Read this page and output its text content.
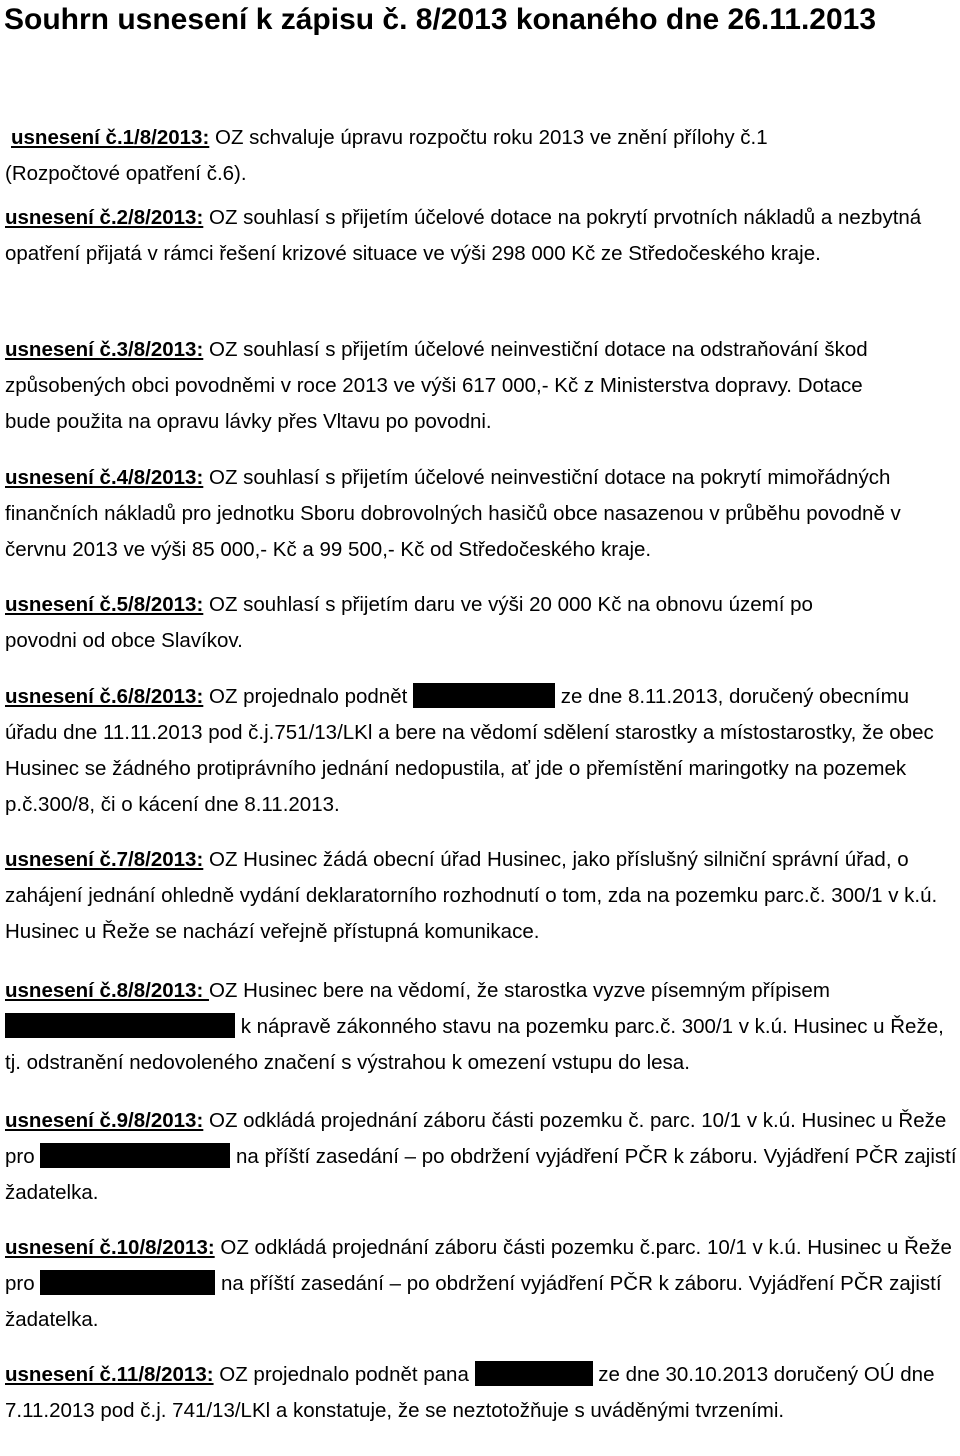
Souhrn usnesení k zápisu č. 8/2013 konaného dne 26.11.2013

usnesení č.1/8/2013: OZ schvaluje úpravu rozpočtu roku 2013 ve znění přílohy č.1 (Rozpočtové opatření č.6).

usnesení č.2/8/2013: OZ souhlasí s přijetím účelové dotace na pokrytí prvotních nákladů a nezbytná opatření přijatá v rámci řešení krizové situace ve výši 298 000 Kč ze Středočeského kraje.

usnesení č.3/8/2013: OZ souhlasí s přijetím účelové neinvestiční dotace na odstraňování škod způsobených obci povodněmi v roce 2013 ve výši 617 000,- Kč z Ministerstva dopravy. Dotace bude použita na opravu lávky přes Vltavu po povodni.

usnesení č.4/8/2013: OZ souhlasí s přijetím účelové neinvestiční dotace na pokrytí mimořádných finančních nákladů pro jednotku Sboru dobrovolných hasičů obce nasazenou v průběhu povodně v červnu 2013 ve výši 85 000,- Kč a 99 500,- Kč od Středočeského kraje.

usnesení č.5/8/2013: OZ souhlasí s přijetím daru ve výši 20 000 Kč na obnovu území po povodni od obce Slavíkov.

usnesení č.6/8/2013: OZ projednalo podnět	ze dne 8.11.2013, doručený obecnímu úřadu dne 11.11.2013 pod č.j.751/13/LKl a bere na vědomí sdělení starostky a místostarostky, že obec Husinec se žádného protiprávního jednání nedopustila, ať jde o přemístění maringotky na pozemek p.č.300/8, či o kácení dne 8.11.2013.

usnesení č.7/8/2013: OZ Husinec žádá obecní úřad Husinec, jako příslušný silniční správní úřad, o zahájení jednání ohledně vydání deklaratorního rozhodnutí o tom, zda na pozemku parc.č. 300/1 v k.ú. Husinec u Řeže se nachází veřejně přístupná komunikace.

usnesení č.8/8/2013: OZ Husinec bere na vědomí, že starostka vyzve písemným přípisem  k nápravě zákonného stavu na pozemku parc.č. 300/1 v k.ú. Husinec u Řeže, tj. odstranění nedovoleného značení s výstrahou k omezení vstupu do lesa.

usnesení č.9/8/2013: OZ odkládá projednání záboru části pozemku č. parc. 10/1 v k.ú. Husinec u Řeže pro	na příští zasedání – po obdržení vyjádření PČR k záboru. Vyjádření PČR zajistí žadatelka.

usnesení č.10/8/2013: OZ odkládá projednání záboru části pozemku č.parc. 10/1 v k.ú. Husinec u Řeže pro	na příští zasedání – po obdržení vyjádření PČR k záboru. Vyjádření PČR zajistí žadatelka.

usnesení č.11/8/2013: OZ projednalo podnět pana	ze dne 30.10.2013 doručený OÚ dne 7.11.2013 pod č.j. 741/13/LKl a konstatuje, že se neztotožňuje s uváděnými tvrzeními.
